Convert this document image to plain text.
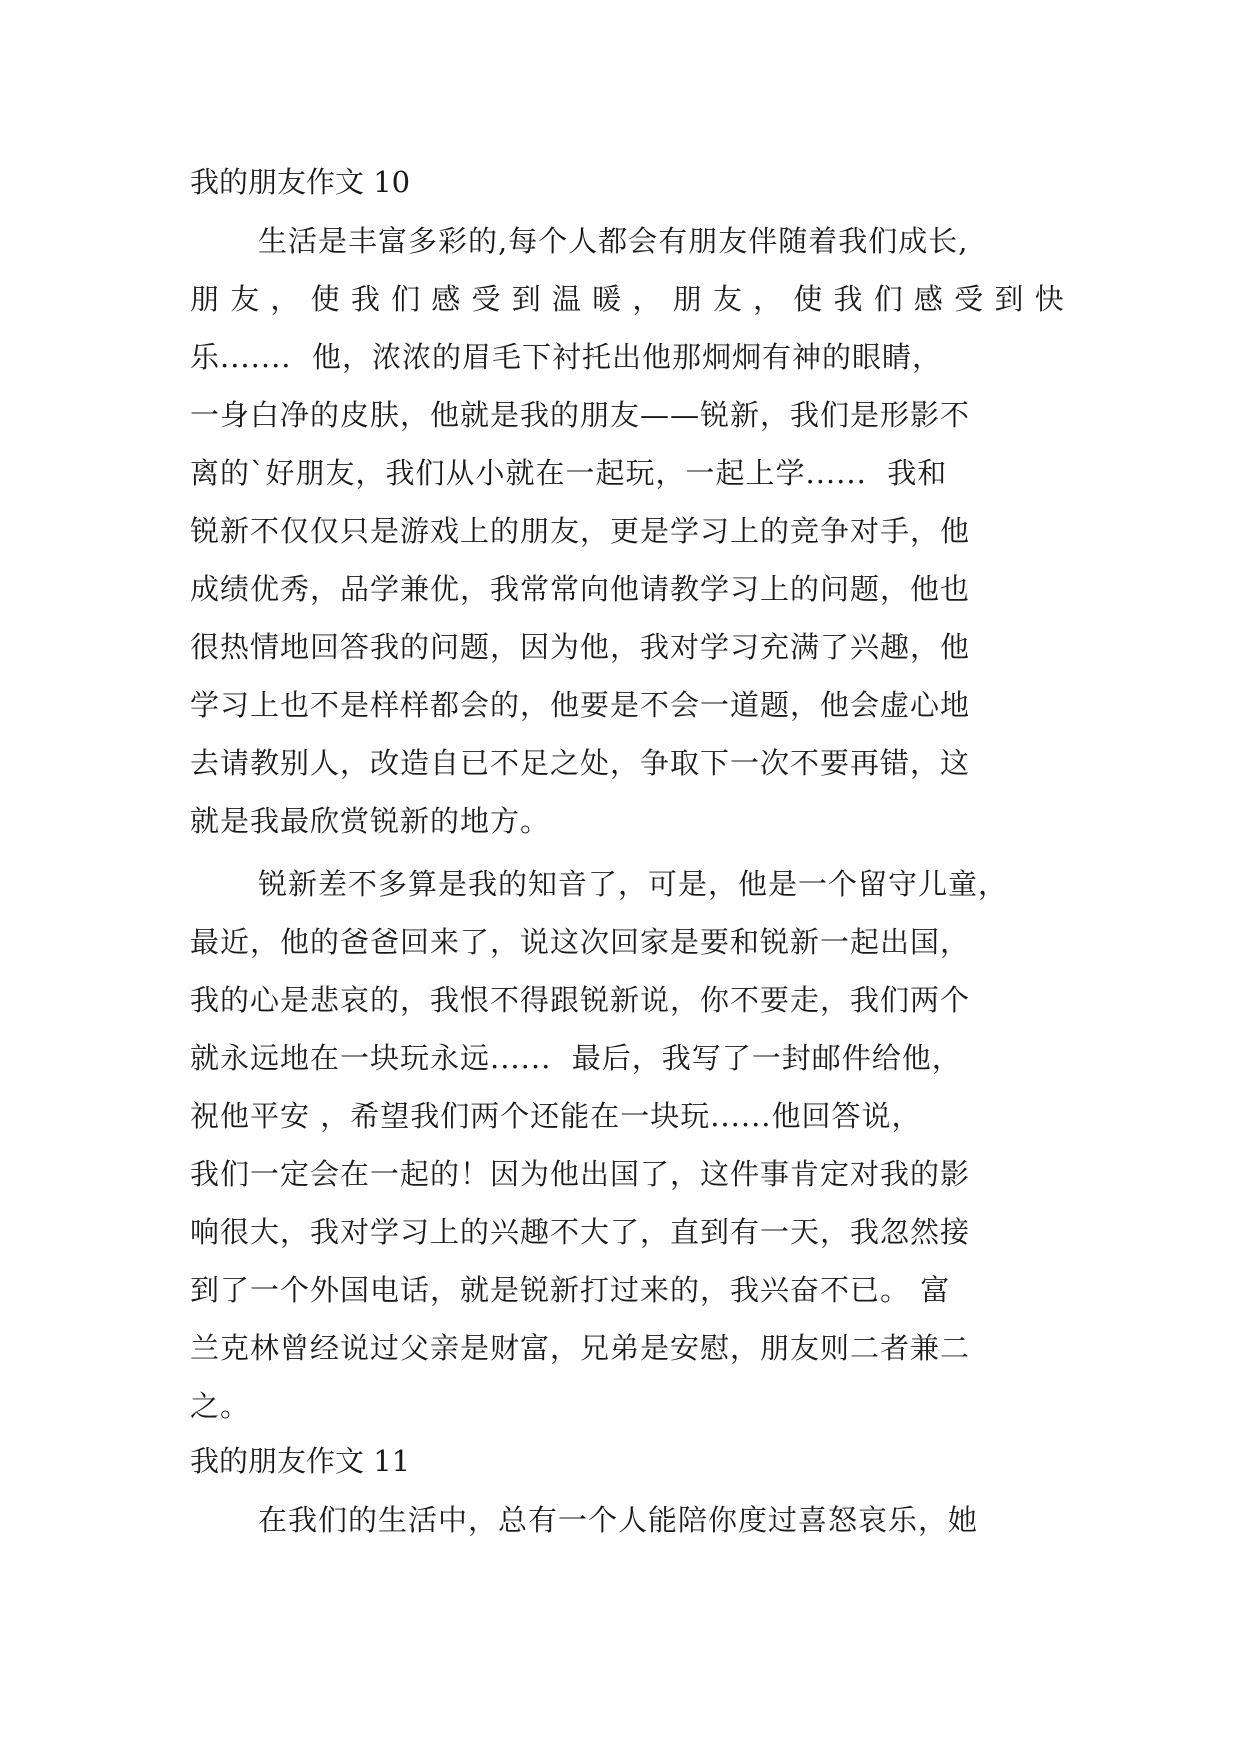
我的朋友作文 10
生活是丰富多彩的,每个人都会有朋友伴随着我们成长,
朋 友 ， 使 我 们 感 受 到 温 暖 ， 朋 友 ， 使 我 们 感 受 到 快
乐.......  他，浓浓的眉毛下衬托出他那炯炯有神的眼睛，
一身白净的皮肤，他就是我的朋友——锐新，我们是形影不
离的`好朋友，我们从小就在一起玩，一起上学......  我和
锐新不仅仅只是游戏上的朋友，更是学习上的竞争对手，他
成绩优秀，品学兼优，我常常向他请教学习上的问题，他也
很热情地回答我的问题，因为他，我对学习充满了兴趣，他
学习上也不是样样都会的，他要是不会一道题，他会虚心地
去请教别人，改造自已不足之处，争取下一次不要再错，这
就是我最欣赏锐新的地方。
锐新差不多算是我的知音了，可是，他是一个留守儿童，
最近，他的爸爸回来了，说这次回家是要和锐新一起出国，
我的心是悲哀的，我恨不得跟锐新说，你不要走，我们两个
就永远地在一块玩永远......  最后，我写了一封邮件给他，
祝他平安 ，希望我们两个还能在一块玩......他回答说，
我们一定会在一起的！因为他出国了，这件事肯定对我的影
响很大，我对学习上的兴趣不大了，直到有一天，我忽然接
到了一个外国电话，就是锐新打过来的，我兴奋不已。 富
兰克林曾经说过父亲是财富，兄弟是安慰，朋友则二者兼二
之。
我的朋友作文 11
在我们的生活中，总有一个人能陪你度过喜怒哀乐，她
